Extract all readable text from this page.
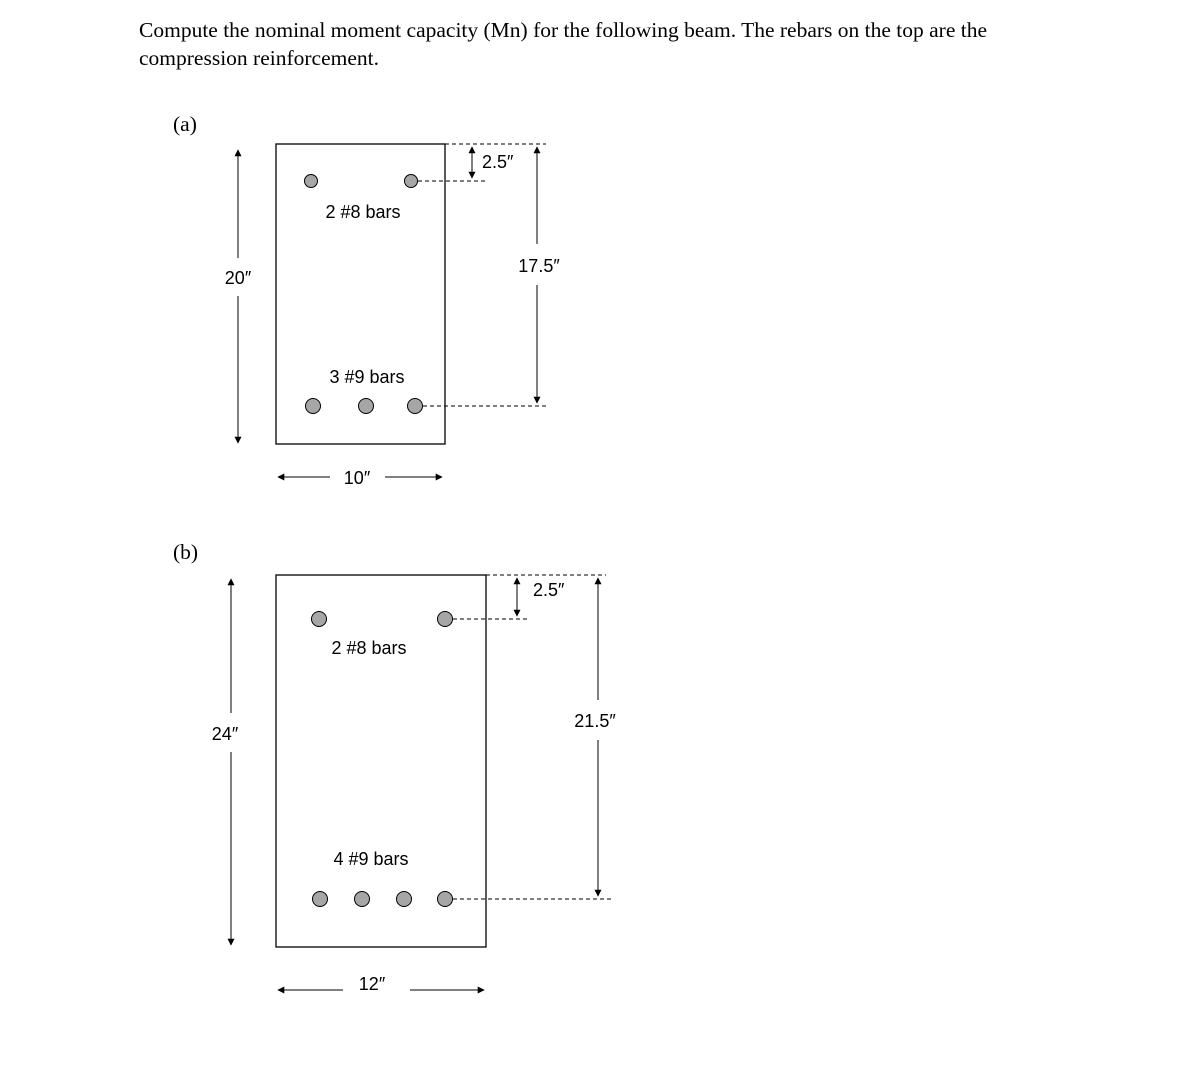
Compute the nominal moment capacity (Mn) for the following beam. The rebars on the top are the compression reinforcement.
(a)
(b)
2 #8 bars
3 #9 bars
20″
10″
2.5″
17.5″
2 #8 bars
4 #9 bars
24″
12″
2.5″
21.5″
